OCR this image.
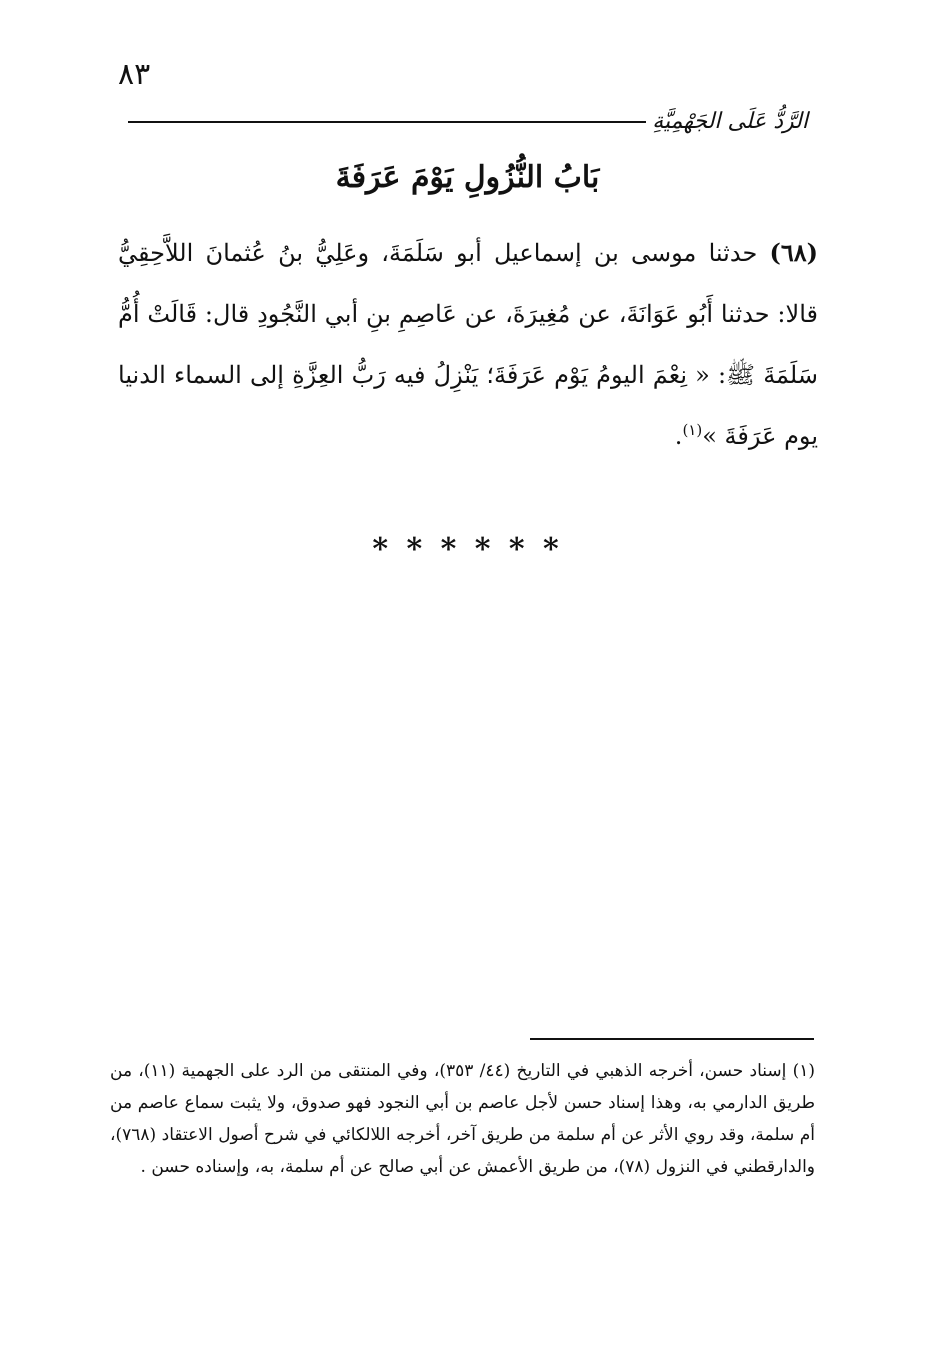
٨٣
الرَّدُّ عَلَى الجَهْمِيَّةِ
بَابُ النُّزُولِ يَوْمَ عَرَفَةَ

(٦٨) حدثنا موسى بن إسماعيل أبو سَلَمَةَ، وعَلِيُّ بنُ عُثمانَ اللاَّحِقِيُّ قالا: حدثنا أَبُو عَوَانَةَ، عن مُغِيرَةَ، عن عَاصِمِ بنِ أبي النَّجُودِ قال: قَالَتْ أُمُّ سَلَمَةَ ﷺ: « نِعْمَ اليومُ يَوْم عَرَفَةَ؛ يَنْزِلُ فيه رَبُّ العِزَّةِ إلى السماء الدنيا يوم عَرَفَةَ »$^{(١)}$.

* * * * * *

(١) إسناد حسن، أخرجه الذهبي في التاريخ (٤٤/ ٣٥٣)، وفي المنتقى من الرد على الجهمية (١١)، من طريق الدارمي به، وهذا إسناد حسن لأجل عاصم بن أبي النجود فهو صدوق، ولا يثبت سماع عاصم من أم سلمة، وقد روي الأثر عن أم سلمة من طريق آخر، أخرجه اللالكائي في شرح أصول الاعتقاد (٧٦٨)، والدارقطني في النزول (٧٨)، من طريق الأعمش عن أبي صالح عن أم سلمة، به، وإسناده حسن .
